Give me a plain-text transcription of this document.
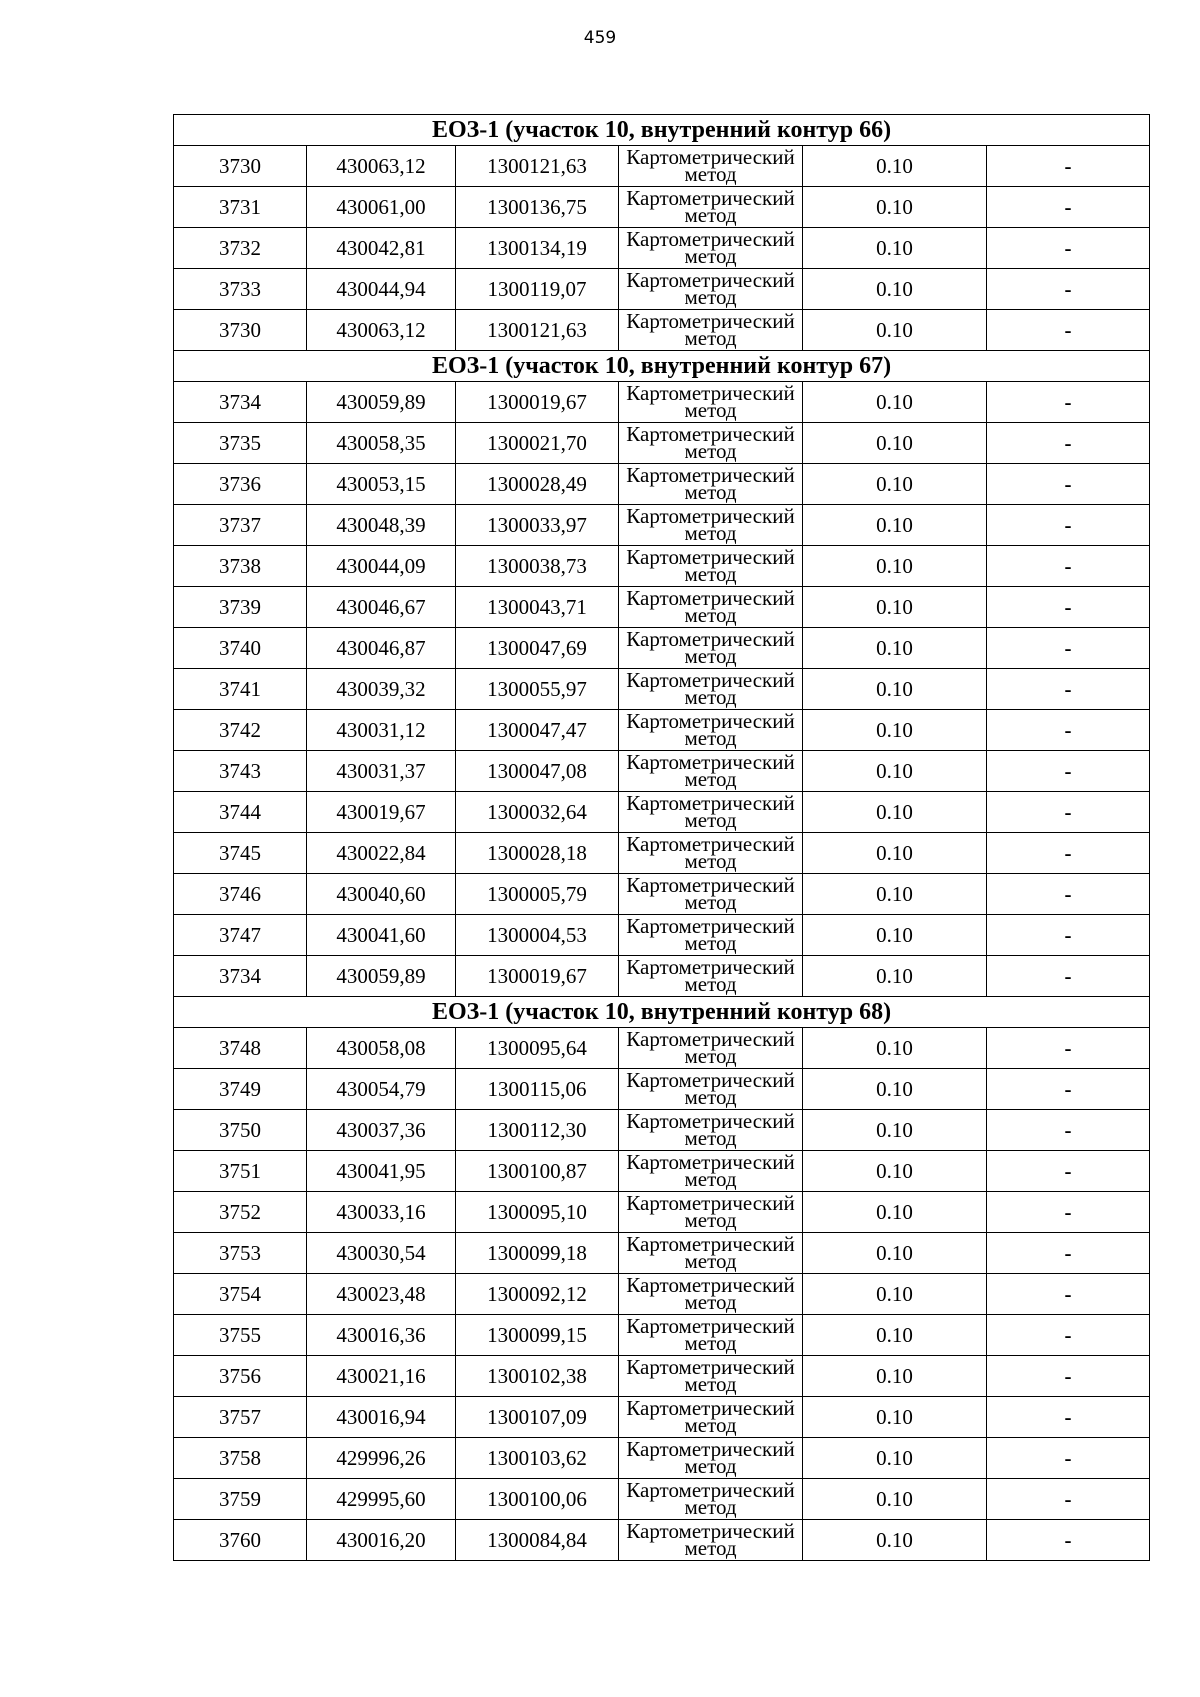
459
ЕОЗ-1 (участок 10, внутренний контур 66)					
3730	430063,12	1300121,63	Картометрический метод	0.10	-
3731	430061,00	1300136,75	Картометрический метод	0.10	-
3732	430042,81	1300134,19	Картометрический метод	0.10	-
3733	430044,94	1300119,07	Картометрический метод	0.10	-
3730	430063,12	1300121,63	Картометрический метод	0.10	-
ЕОЗ-1 (участок 10, внутренний контур 67)					
3734	430059,89	1300019,67	Картометрический метод	0.10	-
3735	430058,35	1300021,70	Картометрический метод	0.10	-
3736	430053,15	1300028,49	Картометрический метод	0.10	-
3737	430048,39	1300033,97	Картометрический метод	0.10	-
3738	430044,09	1300038,73	Картометрический метод	0.10	-
3739	430046,67	1300043,71	Картометрический метод	0.10	-
3740	430046,87	1300047,69	Картометрический метод	0.10	-
3741	430039,32	1300055,97	Картометрический метод	0.10	-
3742	430031,12	1300047,47	Картометрический метод	0.10	-
3743	430031,37	1300047,08	Картометрический метод	0.10	-
3744	430019,67	1300032,64	Картометрический метод	0.10	-
3745	430022,84	1300028,18	Картометрический метод	0.10	-
3746	430040,60	1300005,79	Картометрический метод	0.10	-
3747	430041,60	1300004,53	Картометрический метод	0.10	-
3734	430059,89	1300019,67	Картометрический метод	0.10	-
ЕОЗ-1 (участок 10, внутренний контур 68)					
3748	430058,08	1300095,64	Картометрический метод	0.10	-
3749	430054,79	1300115,06	Картометрический метод	0.10	-
3750	430037,36	1300112,30	Картометрический метод	0.10	-
3751	430041,95	1300100,87	Картометрический метод	0.10	-
3752	430033,16	1300095,10	Картометрический метод	0.10	-
3753	430030,54	1300099,18	Картометрический метод	0.10	-
3754	430023,48	1300092,12	Картометрический метод	0.10	-
3755	430016,36	1300099,15	Картометрический метод	0.10	-
3756	430021,16	1300102,38	Картометрический метод	0.10	-
3757	430016,94	1300107,09	Картометрический метод	0.10	-
3758	429996,26	1300103,62	Картометрический метод	0.10	-
3759	429995,60	1300100,06	Картометрический метод	0.10	-
3760	430016,20	1300084,84	Картометрический метод	0.10	-
